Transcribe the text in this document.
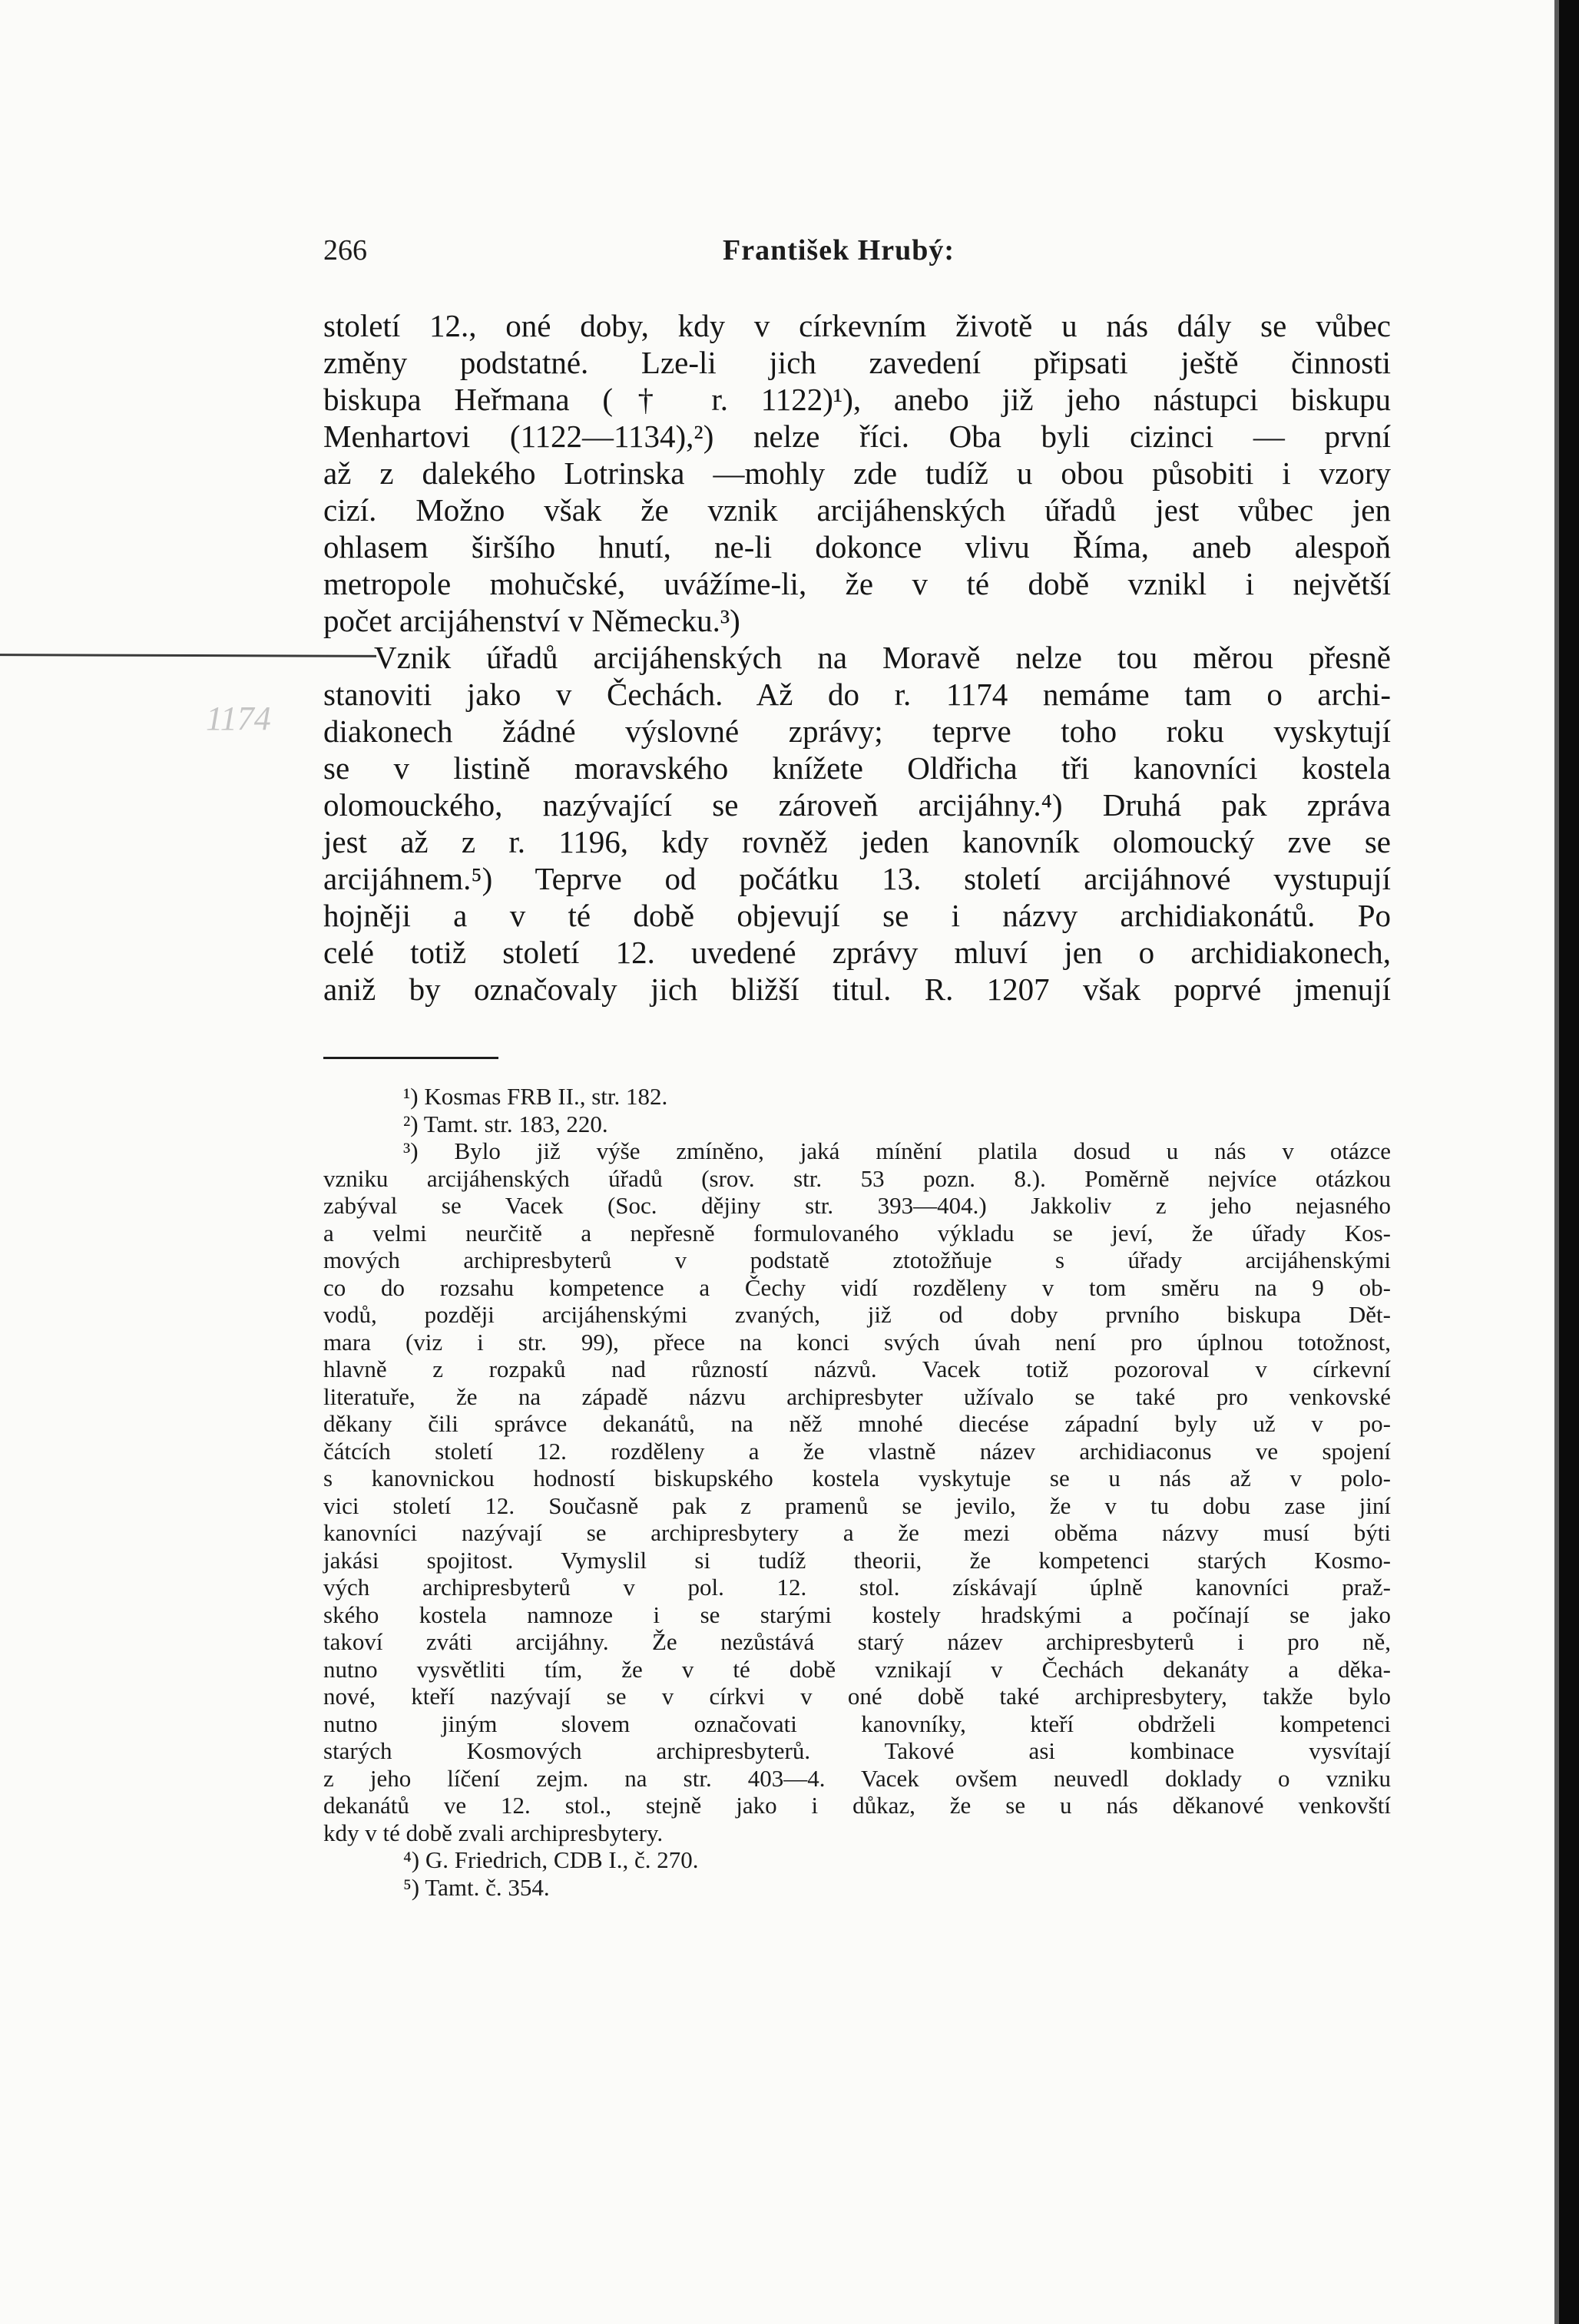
266	František Hrubý:
1174
století 12., oné doby, kdy v církevním životě u nás dály se vůbec
změny podstatné. Lze-li jich zavedení připsati ještě činnosti
biskupa Heřmana († r. 1122)¹), anebo již jeho nástupci biskupu
Menhartovi (1122—1134),²) nelze říci. Oba byli cizinci — první
až z dalekého Lotrinska —mohly zde tudíž u obou působiti i vzory
cizí. Možno však že vznik arcijáhenských úřadů jest vůbec jen
ohlasem širšího hnutí, ne-li dokonce vlivu Říma, aneb alespoň
metropole mohučské, uvážíme-li, že v té době vznikl i největší
počet arcijáhenství v Německu.³)
Vznik úřadů arcijáhenských na Moravě nelze tou měrou přesně
stanoviti jako v Čechách. Až do r. 1174 nemáme tam o archi-
diakonech žádné výslovné zprávy; teprve toho roku vyskytují
se v listině moravského knížete Oldřicha tři kanovníci kostela
olomouckého, nazývající se zároveň arcijáhny.⁴) Druhá pak zpráva
jest až z r. 1196, kdy rovněž jeden kanovník olomoucký zve se
arcijáhnem.⁵) Teprve od počátku 13. století arcijáhnové vystupují
hojněji a v té době objevují se i názvy archidiakonátů. Po
celé totiž století 12. uvedené zprávy mluví jen o archidiakonech,
aniž by označovaly jich bližší titul. R. 1207 však poprvé jmenují
¹) Kosmas FRB II., str. 182.
²) Tamt. str. 183, 220.
³) Bylo již výše zmíněno, jaká mínění platila dosud u nás v otázce
vzniku arcijáhenských úřadů (srov. str. 53 pozn. 8.). Poměrně nejvíce otázkou
zabýval se Vacek (Soc. dějiny str. 393—404.) Jakkoliv z jeho nejasného
a velmi neurčitě a nepřesně formulovaného výkladu se jeví, že úřady Kos-
mových archipresbyterů v podstatě ztotožňuje s úřady arcijáhenskými
co do rozsahu kompetence a Čechy vidí rozděleny v tom směru na 9 ob-
vodů, později arcijáhenskými zvaných, již od doby prvního biskupa Dět-
mara (viz i str. 99), přece na konci svých úvah není pro úplnou totožnost,
hlavně z rozpaků nad růzností názvů. Vacek totiž pozoroval v církevní
literatuře, že na západě názvu archipresbyter užívalo se také pro venkovské
děkany čili správce dekanátů, na něž mnohé diecése západní byly už v po-
čátcích století 12. rozděleny a že vlastně název archidiaconus ve spojení
s kanovnickou hodností biskupského kostela vyskytuje se u nás až v polo-
vici století 12. Současně pak z pramenů se jevilo, že v tu dobu zase jiní
kanovníci nazývají se archipresbytery a že mezi oběma názvy musí býti
jakási spojitost. Vymyslil si tudíž theorii, že kompetenci starých Kosmo-
vých archipresbyterů v pol. 12. stol. získávají úplně kanovníci praž-
ského kostela namnoze i se starými kostely hradskými a počínají se jako
takoví zváti arcijáhny. Že nezůstává starý název archipresbyterů i pro ně,
nutno vysvětliti tím, že v té době vznikají v Čechách dekanáty a děka-
nové, kteří nazývají se v církvi v oné době také archipresbytery, takže bylo
nutno jiným slovem označovati kanovníky, kteří obdrželi kompetenci
starých Kosmových archipresbyterů. Takové asi kombinace vysvítají
z jeho líčení zejm. na str. 403—4. Vacek ovšem neuvedl doklady o vzniku
dekanátů ve 12. stol., stejně jako i důkaz, že se u nás děkanové venkovští
kdy v té době zvali archipresbytery.
⁴) G. Friedrich, CDB I., č. 270.
⁵) Tamt. č. 354.
